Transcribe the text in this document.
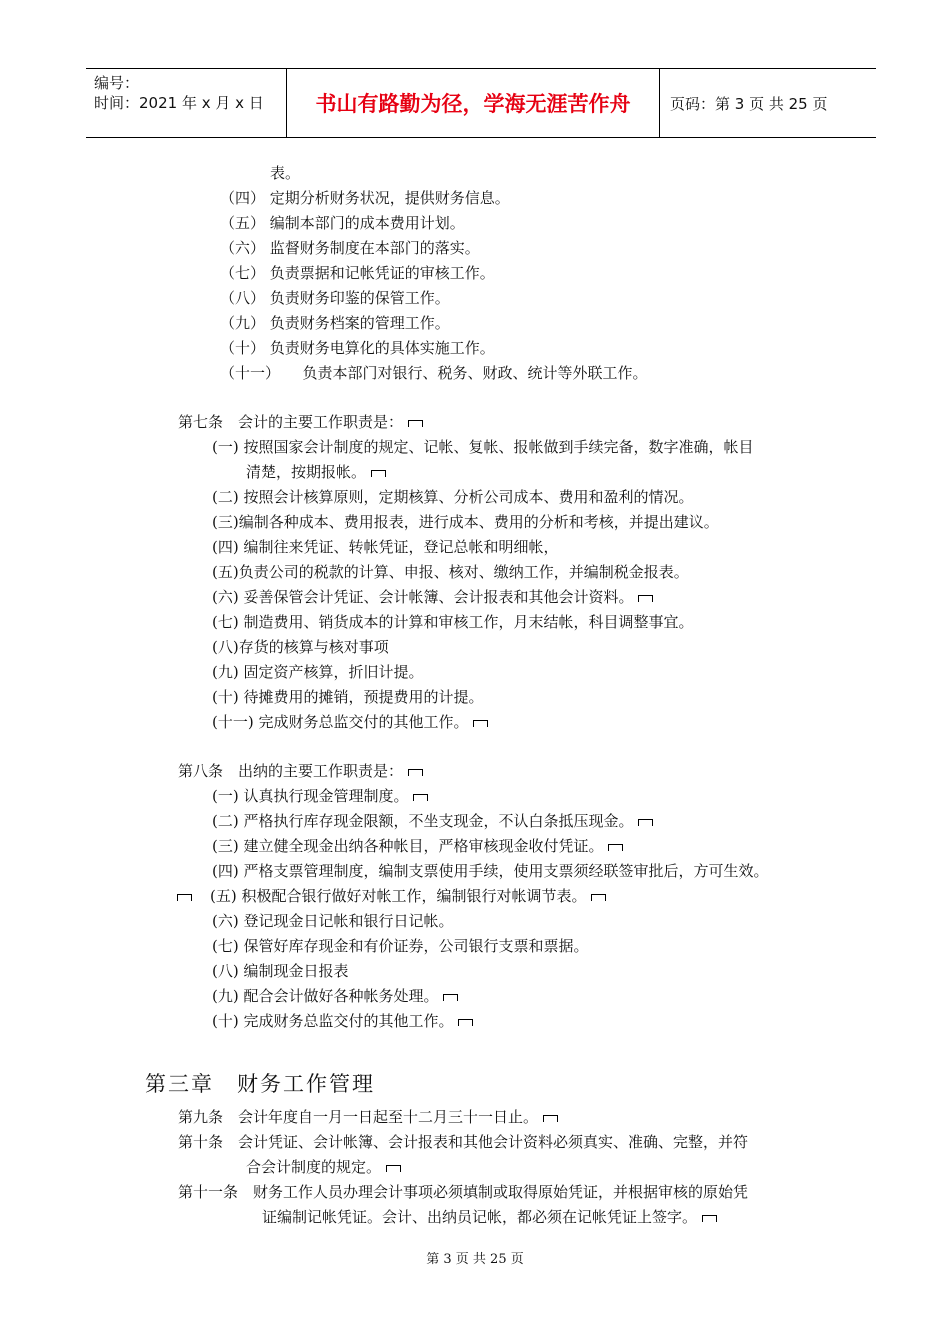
编号：
时间：2021 年 x 月 x 日	书山有路勤为径，学海无涯苦作舟	页码：第 3 页 共 25 页
表。
（四） 定期分析财务状况，提供财务信息。
（五） 编制本部门的成本费用计划。
（六） 监督财务制度在本部门的落实。
（七） 负责票据和记帐凭证的审核工作。
（八） 负责财务印鉴的保管工作。
（九） 负责财务档案的管理工作。
（十） 负责财务电算化的具体实施工作。
（十一）　　负责本部门对银行、税务、财政、统计等外联工作。
第七条　会计的主要工作职责是：
(一) 按照国家会计制度的规定、记帐、复帐、报帐做到手续完备，数字准确，帐目
清楚，按期报帐。
(二) 按照会计核算原则，定期核算、分析公司成本、费用和盈利的情况。
(三)编制各种成本、费用报表，进行成本、费用的分析和考核，并提出建议。
(四) 编制往来凭证、转帐凭证，登记总帐和明细帐，
(五)负责公司的税款的计算、申报、核对、缴纳工作，并编制税金报表。
(六) 妥善保管会计凭证、会计帐簿、会计报表和其他会计资料。
(七) 制造费用、销货成本的计算和审核工作，月末结帐，科目调整事宜。
(八)存货的核算与核对事项
(九) 固定资产核算，折旧计提。
(十) 待摊费用的摊销，预提费用的计提。
(十一) 完成财务总监交付的其他工作。
第八条　出纳的主要工作职责是：
(一) 认真执行现金管理制度。
(二) 严格执行库存现金限额，不坐支现金，不认白条抵压现金。
(三) 建立健全现金出纳各种帐目，严格审核现金收付凭证。
(四) 严格支票管理制度，编制支票使用手续，使用支票须经联签审批后，方可生效。
(五) 积极配合银行做好对帐工作，编制银行对帐调节表。
(六) 登记现金日记帐和银行日记帐。
(七) 保管好库存现金和有价证券，公司银行支票和票据。
(八) 编制现金日报表
(九) 配合会计做好各种帐务处理。
(十) 完成财务总监交付的其他工作。
第三章　财务工作管理
第九条　会计年度自一月一日起至十二月三十一日止。
第十条　会计凭证、会计帐簿、会计报表和其他会计资料必须真实、准确、完整，并符
合会计制度的规定。
第十一条　财务工作人员办理会计事项必须填制或取得原始凭证，并根据审核的原始凭
证编制记帐凭证。会计、出纳员记帐，都必须在记帐凭证上签字。
第 3 页 共 25 页
